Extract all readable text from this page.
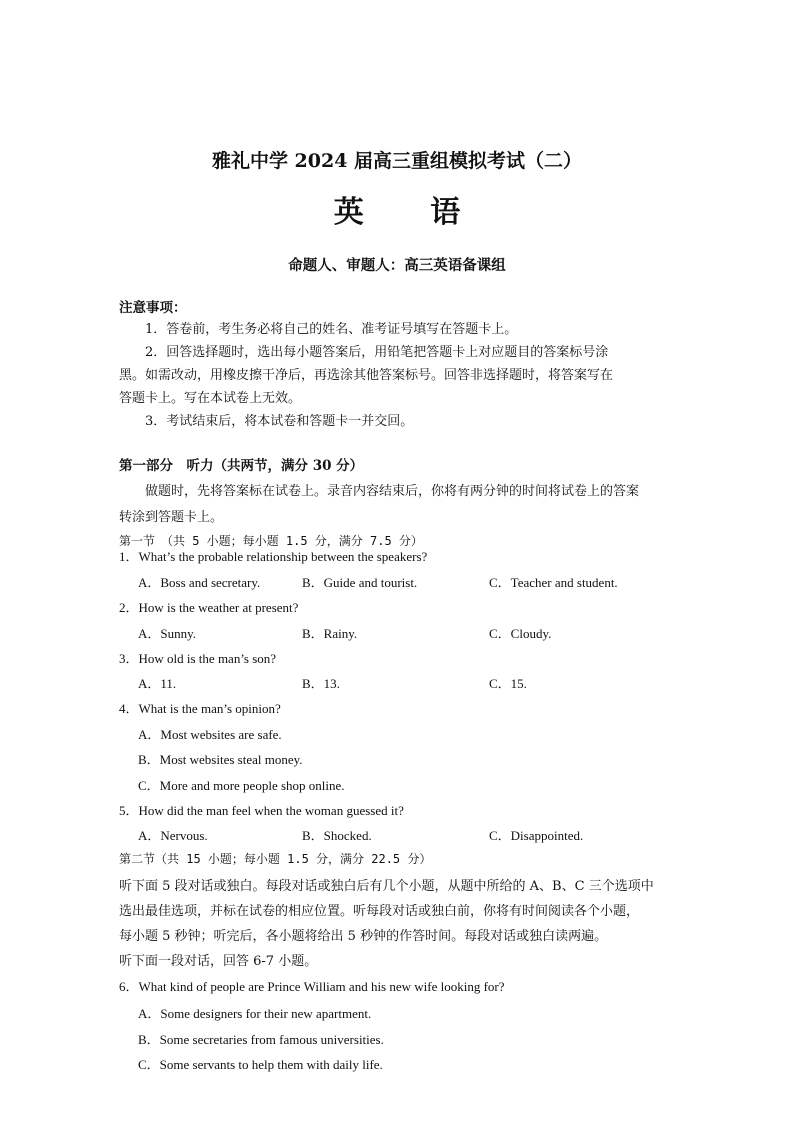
雅礼中学 2024 届高三重组模拟考试（二）
英 语
命题人、审题人：高三英语备课组
注意事项：
1．答卷前，考生务必将自己的姓名、准考证号填写在答题卡上。
2．回答选择题时，选出每小题答案后，用铅笔把答题卡上对应题目的答案标号涂
黑。如需改动，用橡皮擦干净后，再选涂其他答案标号。回答非选择题时，将答案写在
答题卡上。写在本试卷上无效。
3．考试结束后，将本试卷和答题卡一并交回。
第一部分　听力（共两节，满分 30 分）
做题时，先将答案标在试卷上。录音内容结束后，你将有两分钟的时间将试卷上的答案
转涂到答题卡上。
第一节　（共 5 小题；每小题 1.5 分，满分 7.5 分）
1．What’s the probable relationship between the speakers?
A．Boss and secretary.	B．Guide and tourist.	C．Teacher and student.
2．How is the weather at present?
A．Sunny.	B．Rainy.	C．Cloudy.
3．How old is the man’s son?
A．11.	B．13.	C．15.
4．What is the man’s opinion?
A．Most websites are safe.
B．Most websites steal money.
C．More and more people shop online.
5．How did the man feel when the woman guessed it?
A．Nervous.	B．Shocked.	C．Disappointed.
第二节（共 15 小题；每小题 1.5 分，满分 22.5 分）
听下面 5 段对话或独白。每段对话或独白后有几个小题，从题中所给的 A、B、C 三个选项中
选出最佳选项，并标在试卷的相应位置。听每段对话或独白前，你将有时间阅读各个小题，
每小题 5 秒钟；听完后，各小题将给出 5 秒钟的作答时间。每段对话或独白读两遍。
听下面一段对话，回答 6-7 小题。
6．What kind of people are Prince William and his new wife looking for?
A．Some designers for their new apartment.
B．Some secretaries from famous universities.
C．Some servants to help them with daily life.
